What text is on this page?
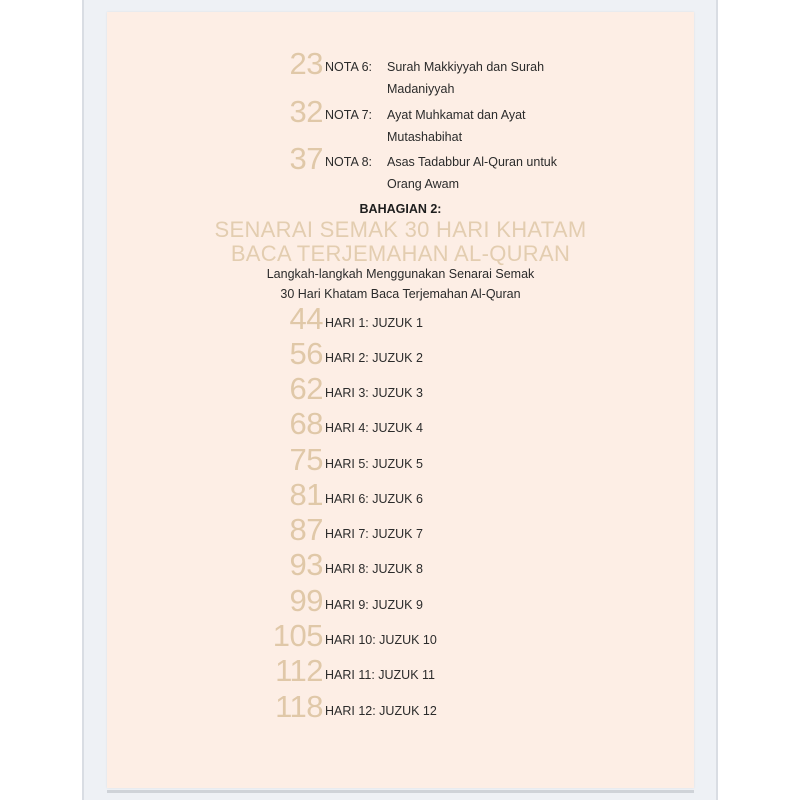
23 NOTA 6: Surah Makkiyyah dan Surah
Madaniyyah
32 NOTA 7: Ayat Muhkamat dan Ayat
Mutashabihat
37 NOTA 8: Asas Tadabbur Al-Quran untuk
Orang Awam
BAHAGIAN 2:
SENARAI SEMAK 30 HARI KHATAM
BACA TERJEMAHAN AL-QURAN
Langkah-langkah Menggunakan Senarai Semak
30 Hari Khatam Baca Terjemahan Al-Quran
44 HARI 1: JUZUK 1
56 HARI 2: JUZUK 2
62 HARI 3: JUZUK 3
68 HARI 4: JUZUK 4
75 HARI 5: JUZUK 5
81 HARI 6: JUZUK 6
87 HARI 7: JUZUK 7
93 HARI 8: JUZUK 8
99 HARI 9: JUZUK 9
105 HARI 10: JUZUK 10
112 HARI 11: JUZUK 11
118 HARI 12: JUZUK 12
